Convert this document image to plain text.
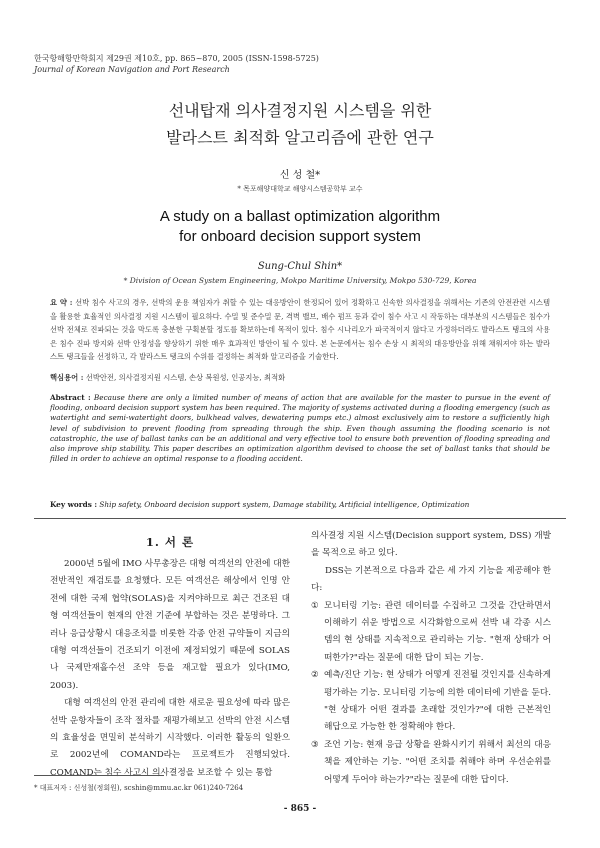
한국항해항만학회지 제29권 제10호, pp. 865~870, 2005 (ISSN-1598-5725)
Journal of Korean Navigation and Port Research
선내탑재 의사결정지원 시스템을 위한
발라스트 최적화 알고리즘에 관한 연구
신 성 철*
* 목포해양대학교 해양시스템공학부 교수
A study on a ballast optimization algorithm
for onboard decision support system
Sung-Chul Shin*
* Division of Ocean System Engineering, Mokpo Maritime University, Mokpo 530-729, Korea
요 약 : 선박 침수 사고의 경우, 선박의 운용 책임자가 취할 수 있는 대응방안이 한정되어 있어 정확하고 신속한 의사결정을 위해서는 기존의 안전관련 시스템을 활용한 효율적인 의사결정 지원 시스템이 필요하다. 수밀 및 준수밀 문, 격벽 밸브, 배수 펌프 등과 같이 침수 사고 시 작동하는 대부분의 시스템들은 침수가 선박 전체로 진파되는 것을 막도록 충분한 구획분할 정도를 확보하는데 목적이 있다. 침수 시나리오가 파국적이지 않다고 가정하더라도 발라스트 탱크의 사용은 침수 진파 방지와 선박 안정성을 향상하기 위한 매우 효과적인 방안이 될 수 있다. 본 논문에서는 침수 손상 시 최적의 대응방안을 위해 채워져야 하는 발라스트 탱크들을 선정하고, 각 발라스트 탱크의 수위를 결정하는 최적화 알고리즘을 기술한다.
핵심용어 : 선박안전, 의사결정지원 시스템, 손상 복원성, 인공지능, 최적화
Abstract : Because there are only a limited number of means of action that are available for the master to pursue in the event of flooding, onboard decision support system has been required. The majority of systems activated during a flooding emergency (such as watertight and semi-watertight doors, bulkhead valves, dewatering pumps etc.) almost exclusively aim to restore a sufficiently high level of subdivision to prevent flooding from spreading through the ship. Even though assuming the flooding scenario is not catastrophic, the use of ballast tanks can be an additional and very effective tool to ensure both prevention of flooding spreading and also improve ship stability. This paper describes an optimization algorithm devised to choose the set of ballast tanks that should be filled in order to achieve an optimal response to a flooding accident.
Key words : Ship safety, Onboard decision support system, Damage stability, Artificial intelligence, Optimization
1. 서 론

2000년 5월에 IMO 사무총장은 대형 여객선의 안전에 대한 전반적인 재검토를 요청했다. 모든 여객선은 해상에서 인명 안전에 대한 국제 협약(SOLAS)을 지켜야하므로 최근 건조된 대형 여객선들이 현재의 안전 기준에 부합하는 것은 분명하다. 그러나 응급상황시 대응조치를 비롯한 각종 안전 규약들이 지금의 대형 여객선들이 건조되기 이전에 제정되었기 때문에 SOLAS나 국제만재흘수선 조약 등을 재고할 필요가 있다(IMO, 2003).

대형 여객선의 안전 관리에 대한 새로운 필요성에 따라 많은 선박 운항자들이 조작 절차를 재평가해보고 선박의 안전 시스템의 효율성을 면밀히 분석하기 시작했다. 이러한 활동의 일환으로 2002년에 COMAND라는 프로젝트가 진행되었다. COMAND는 침수 사고시 의사결정을 보조할 수 있는 통합

의사결정 지원 시스템(Decision support system, DSS) 개발을 목적으로 하고 있다.

DSS는 기본적으로 다음과 같은 세 가지 기능을 제공해야 한다:

① 모니터링 기능: 관련 데이터를 수집하고 그것을 간단하면서 이해하기 쉬운 방법으로 시각화함으로써 선박 내 각종 시스템의 현 상태를 지속적으로 관리하는 기능. "현재 상태가 어떠한가?"라는 질문에 대한 답이 되는 기능.
② 예측/진단 기능: 현 상태가 어떻게 진전될 것인지를 신속하게 평가하는 기능. 모니터링 기능에 의한 데이터에 기반을 둔다. "현 상태가 어떤 결과를 초래할 것인가?"에 대한 근본적인 해답으로 가능한 한 정확해야 한다.
③ 조언 기능: 현재 응급 상황을 완화시키기 위해서 최선의 대응책을 제안하는 기능. "어떤 조치를 취해야 하며 우선순위를 어떻게 두어야 하는가?"라는 질문에 대한 답이다.
* 대표저자 : 신성철(정회원), scshin@mmu.ac.kr 061)240-7264
- 865 -
